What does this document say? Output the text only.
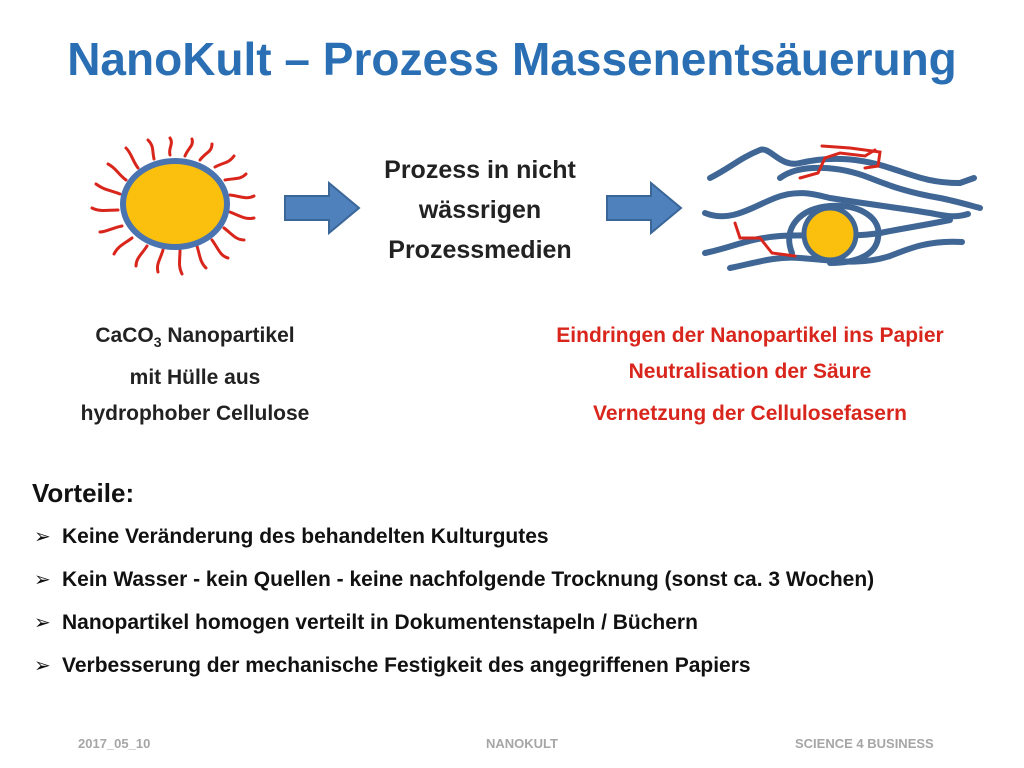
NanoKult – Prozess Massenentsäuerung
Prozess in nicht
wässrigen
Prozessmedien
CaCO$_3$ Nanopartikel
mit Hülle aus
hydrophober Cellulose
Eindringen der Nanopartikel ins Papier
Neutralisation der Säure
Vernetzung der Cellulosefasern
Vorteile:
➢ Keine Veränderung des behandelten Kulturgutes
➢ Kein Wasser - kein Quellen - keine nachfolgende Trocknung (sonst ca. 3 Wochen)
➢ Nanopartikel homogen verteilt in Dokumentenstapeln / Büchern
➢ Verbesserung der mechanische Festigkeit des angegriffenen Papiers
2017_05_10	NANOKULT	SCIENCE 4 BUSINESS
